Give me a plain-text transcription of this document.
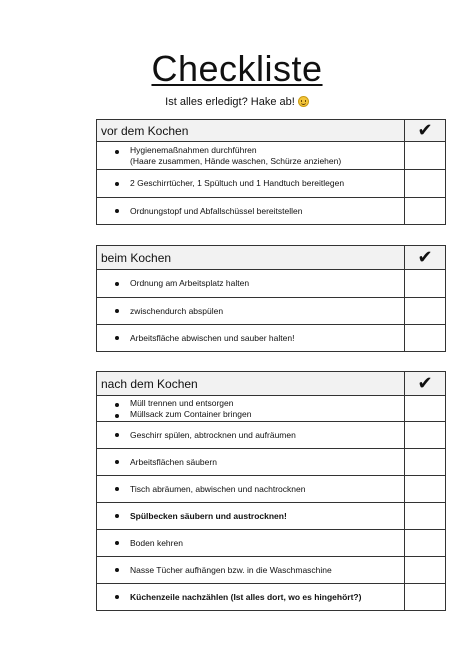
Checkliste
Ist alles erledigt? Hake ab!
vor dem Kochen	✔

Hygienemaßnahmen durchführen
(Haare zusammen, Hände waschen, Schürze anziehen)	

2 Geschirrtücher, 1 Spültuch und 1 Handtuch bereitlegen	

Ordnungstopf und Abfallschüssel bereitstellen	

beim Kochen	✔

Ordnung am Arbeitsplatz halten	

zwischendurch abspülen	

Arbeitsfläche abwischen und sauber halten!	

nach dem Kochen	✔

Müll trennen und entsorgen
Müllsack zum Container bringen	

Geschirr spülen, abtrocknen und aufräumen	

Arbeitsflächen säubern	

Tisch abräumen, abwischen und nachtrocknen	

Spülbecken säubern und austrocknen!	

Boden kehren	

Nasse Tücher aufhängen bzw. in die Waschmaschine	

Küchenzeile nachzählen (Ist alles dort, wo es hingehört?)	
